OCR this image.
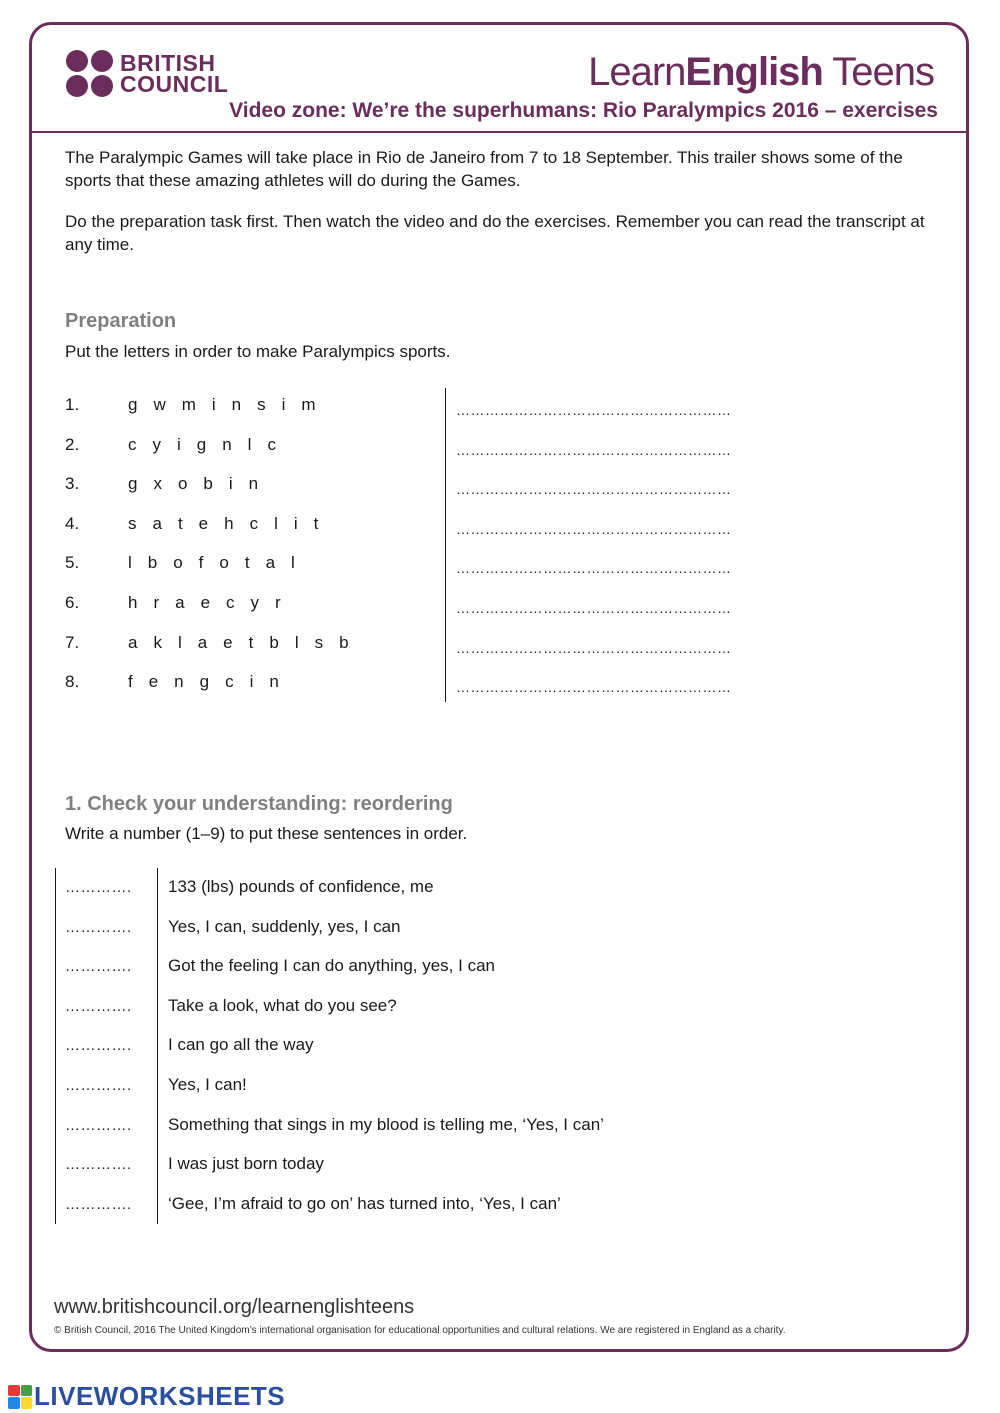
BRITISH
COUNCIL	LearnEnglish Teens
Video zone: We’re the superhumans: Rio Paralympics 2016 – exercises

The Paralympic Games will take place in Rio de Janeiro from 7 to 18 September. This trailer shows some of the sports that these amazing athletes will do during the Games.

Do the preparation task first. Then watch the video and do the exercises. Remember you can read the transcript at any time.

Preparation
Put the letters in order to make Paralympics sports.
1.	gwminsim	…………………………………………………
2.	cyignlc	…………………………………………………
3.	gxobin	…………………………………………………
4.	satehclit	…………………………………………………
5.	lbofotal	…………………………………………………
6.	hraecyr	…………………………………………………
7.	aklaetblsb	…………………………………………………
8.	fengcin	…………………………………………………
1. Check your understanding: reordering
Write a number (1–9) to put these sentences in order.
…………. 133 (lbs) pounds of confidence, me
…………. Yes, I can, suddenly, yes, I can
…………. Got the feeling I can do anything, yes, I can
…………. Take a look, what do you see?
…………. I can go all the way
…………. Yes, I can!
…………. Something that sings in my blood is telling me, ‘Yes, I can’
…………. I was just born today
…………. ‘Gee, I’m afraid to go on’ has turned into, ‘Yes, I can’
www.britishcouncil.org/learnenglishteens
© British Council, 2016 The United Kingdom’s international organisation for educational opportunities and cultural relations. We are registered in England as a charity.
LIVEWORKSHEETS
